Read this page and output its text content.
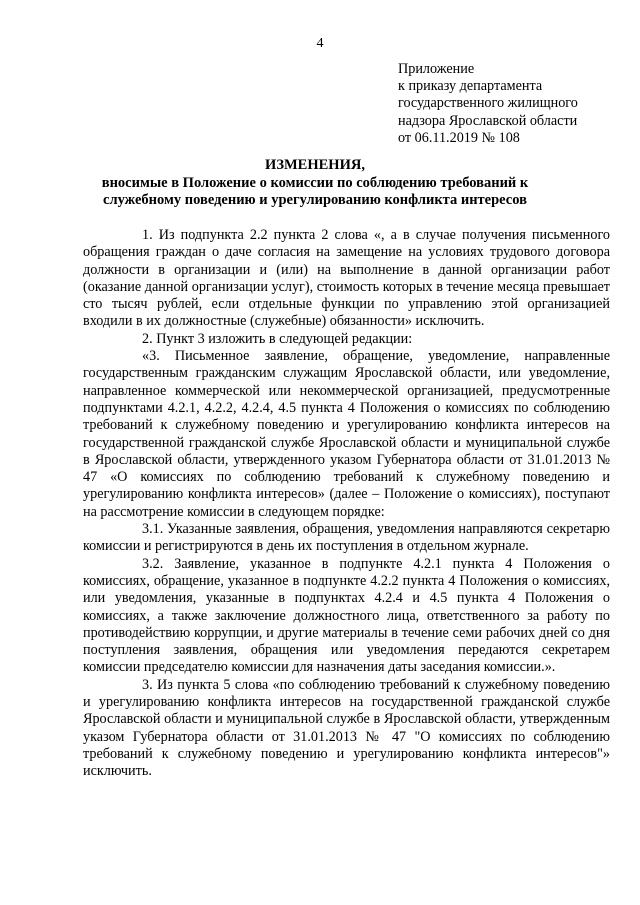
4
Приложение
к приказу департамента
государственного жилищного
надзора Ярославской области
от 06.11.2019 № 108
ИЗМЕНЕНИЯ,
вносимые в Положение о комиссии по соблюдению требований к
служебному поведению и урегулированию конфликта интересов

1. Из подпункта 2.2 пункта 2 слова «, а в случае получения письменного обращения граждан о даче согласия на замещение на условиях трудового договора должности в организации и (или) на выполнение в данной организации работ (оказание данной организации услуг), стоимость которых в течение месяца превышает сто тысяч рублей, если отдельные функции по управлению этой организацией входили в их должностные (служебные) обязанности» исключить.

2. Пункт 3 изложить в следующей редакции:

«3. Письменное заявление, обращение, уведомление, направленные государственным гражданским служащим Ярославской области, или уведомление, направленное коммерческой или некоммерческой организацией, предусмотренные подпунктами 4.2.1, 4.2.2, 4.2.4, 4.5 пункта 4 Положения о комиссиях по соблюдению требований к служебному поведению и урегулированию конфликта интересов на государственной гражданской службе Ярославской области и муниципальной службе в Ярославской области, утвержденного указом Губернатора области от 31.01.2013 № 47 «О комиссиях по соблюдению требований к служебному поведению и урегулированию конфликта интересов» (далее – Положение о комиссиях), поступают на рассмотрение комиссии в следующем порядке:

3.1. Указанные заявления, обращения, уведомления направляются секретарю комиссии и регистрируются в день их поступления в отдельном журнале.

3.2. Заявление, указанное в подпункте 4.2.1 пункта 4 Положения о комиссиях, обращение, указанное в подпункте 4.2.2 пункта 4 Положения о комиссиях, или уведомления, указанные в подпунктах 4.2.4 и 4.5 пункта 4 Положения о комиссиях, а также заключение должностного лица, ответственного за работу по противодействию коррупции, и другие материалы в течение семи рабочих дней со дня поступления заявления, обращения или уведомления передаются секретарем комиссии председателю комиссии для назначения даты заседания комиссии.».

3. Из пункта 5 слова «по соблюдению требований к служебному поведению и урегулированию конфликта интересов на государственной гражданской службе Ярославской области и муниципальной службе в Ярославской области, утвержденным указом Губернатора области от 31.01.2013 № 47 "О комиссиях по соблюдению требований к служебному поведению и урегулированию конфликта интересов"» исключить.
